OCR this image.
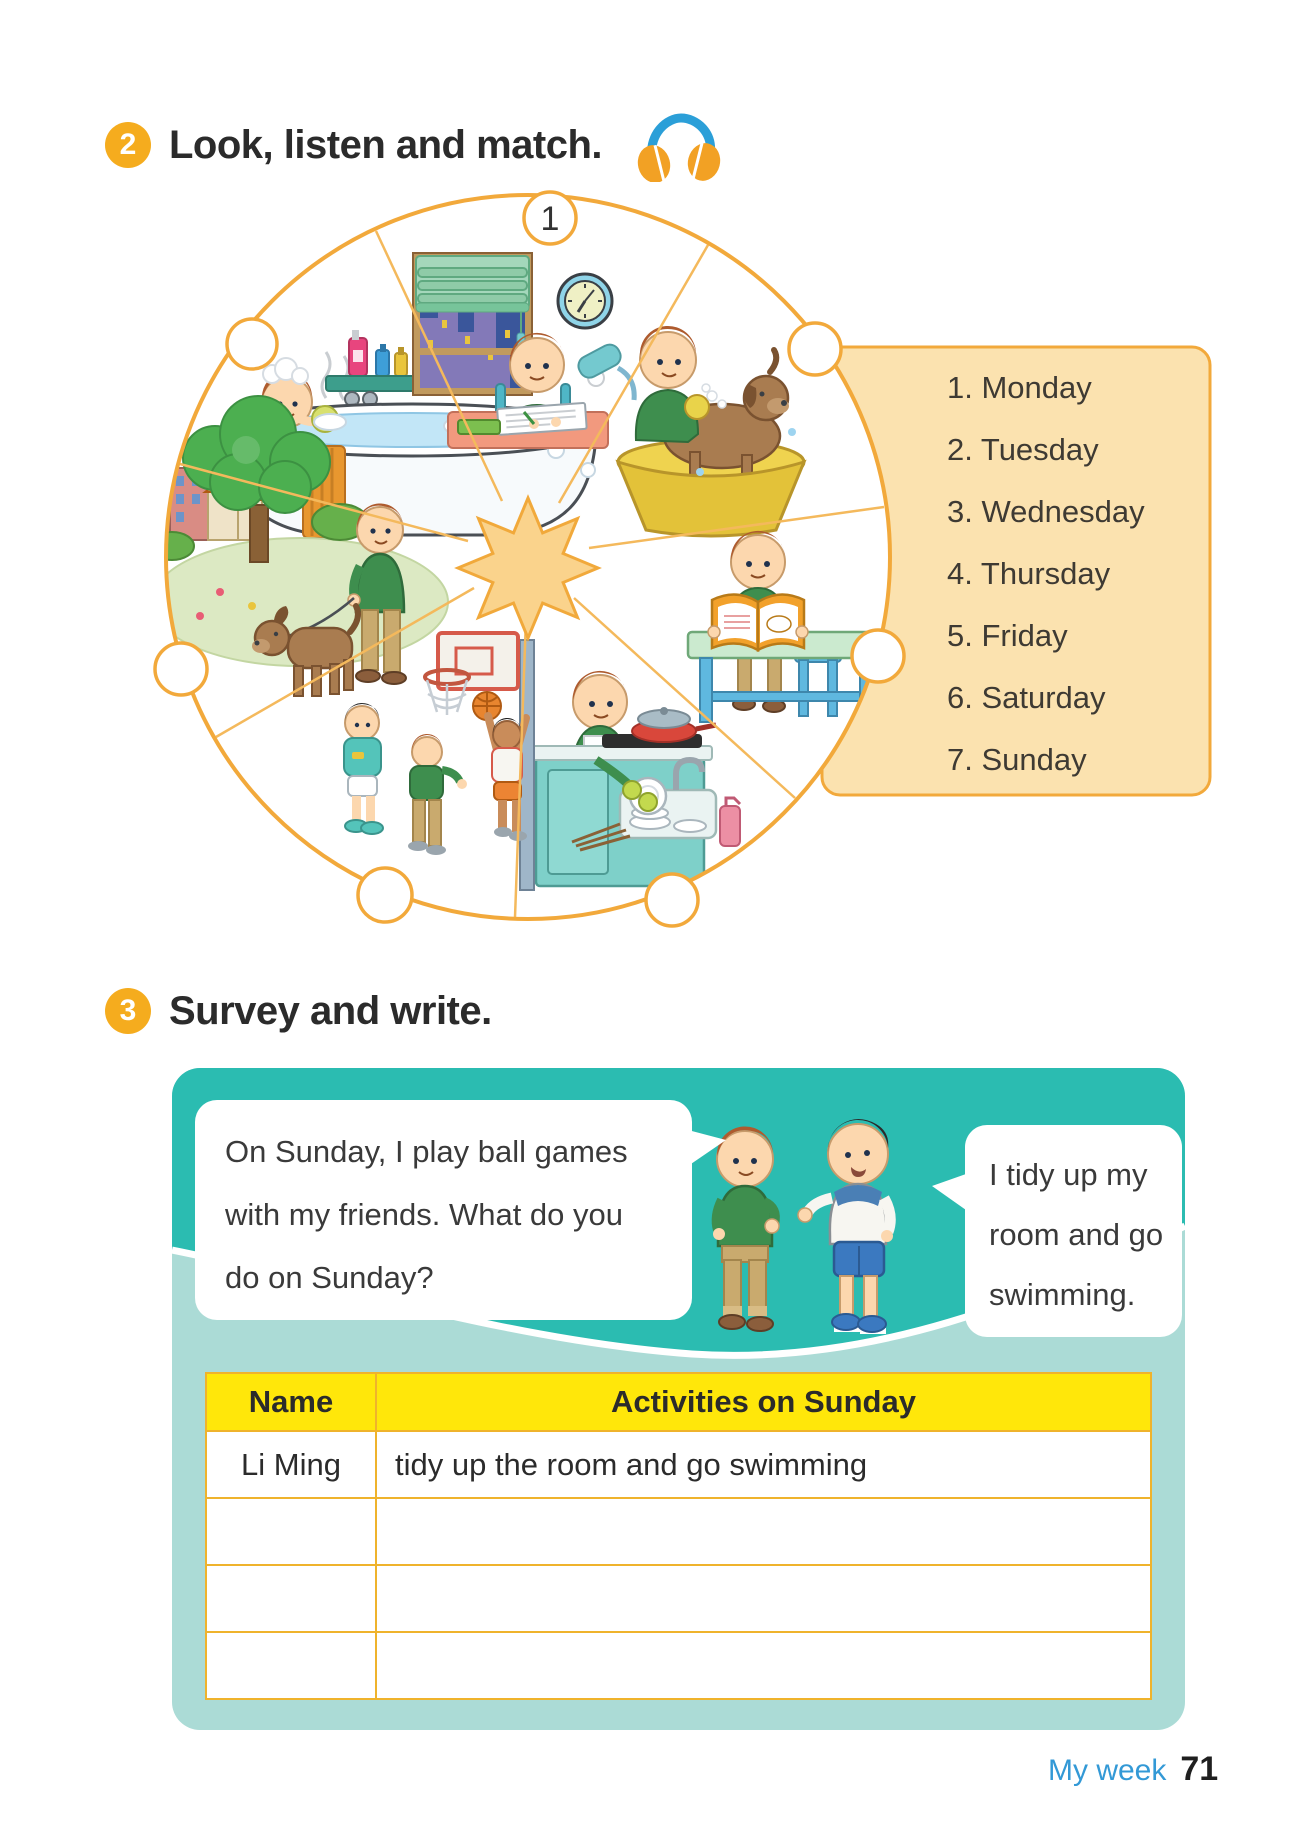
2 Look, listen and match.
1. Monday
2. Tuesday
3. Wednesday
4. Thursday
5. Friday
6. Saturday
7. Sunday
1
3 Survey and write.
On Sunday, I play ball games
with my friends. What do you
do on Sunday?
I tidy up my
room and go
swimming.
Name	Activities on Sunday
Li Ming	tidy up the room and go swimming

My week 71
